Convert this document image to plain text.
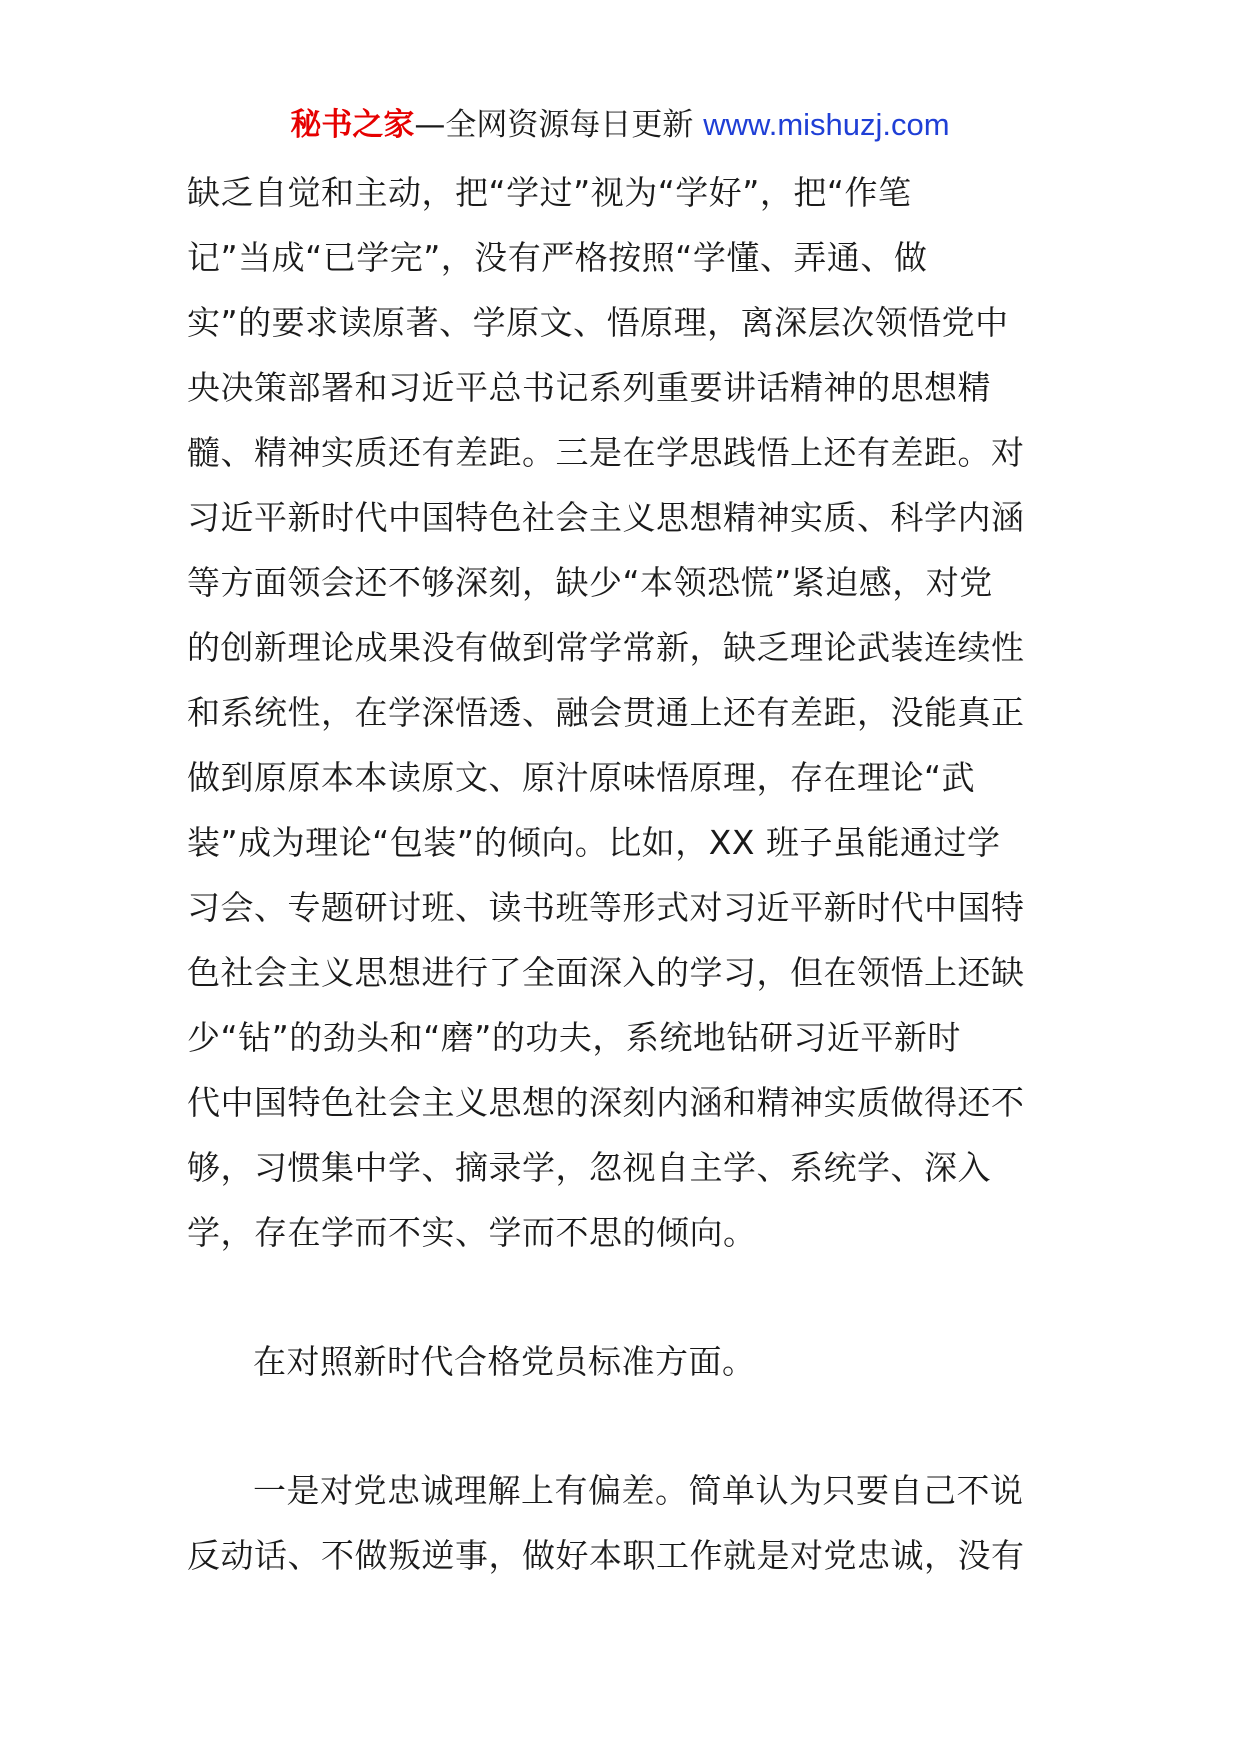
秘书之家—全网资源每日更新 www.mishuzj.com
缺乏自觉和主动，把“学过”视为“学好”，把“作笔
记”当成“已学完”，没有严格按照“学懂、弄通、做
实”的要求读原著、学原文、悟原理，离深层次领悟党中
央决策部署和习近平总书记系列重要讲话精神的思想精
髓、精神实质还有差距。三是在学思践悟上还有差距。对
习近平新时代中国特色社会主义思想精神实质、科学内涵
等方面领会还不够深刻，缺少“本领恐慌”紧迫感，对党
的创新理论成果没有做到常学常新，缺乏理论武装连续性
和系统性，在学深悟透、融会贯通上还有差距，没能真正
做到原原本本读原文、原汁原味悟原理，存在理论“武
装”成为理论“包装”的倾向。比如，XX 班子虽能通过学
习会、专题研讨班、读书班等形式对习近平新时代中国特
色社会主义思想进行了全面深入的学习，但在领悟上还缺
少“钻”的劲头和“磨”的功夫，系统地钻研习近平新时
代中国特色社会主义思想的深刻内涵和精神实质做得还不
够，习惯集中学、摘录学，忽视自主学、系统学、深入
学，存在学而不实、学而不思的倾向。
在对照新时代合格党员标准方面。
一是对党忠诚理解上有偏差。简单认为只要自己不说
反动话、不做叛逆事，做好本职工作就是对党忠诚，没有
